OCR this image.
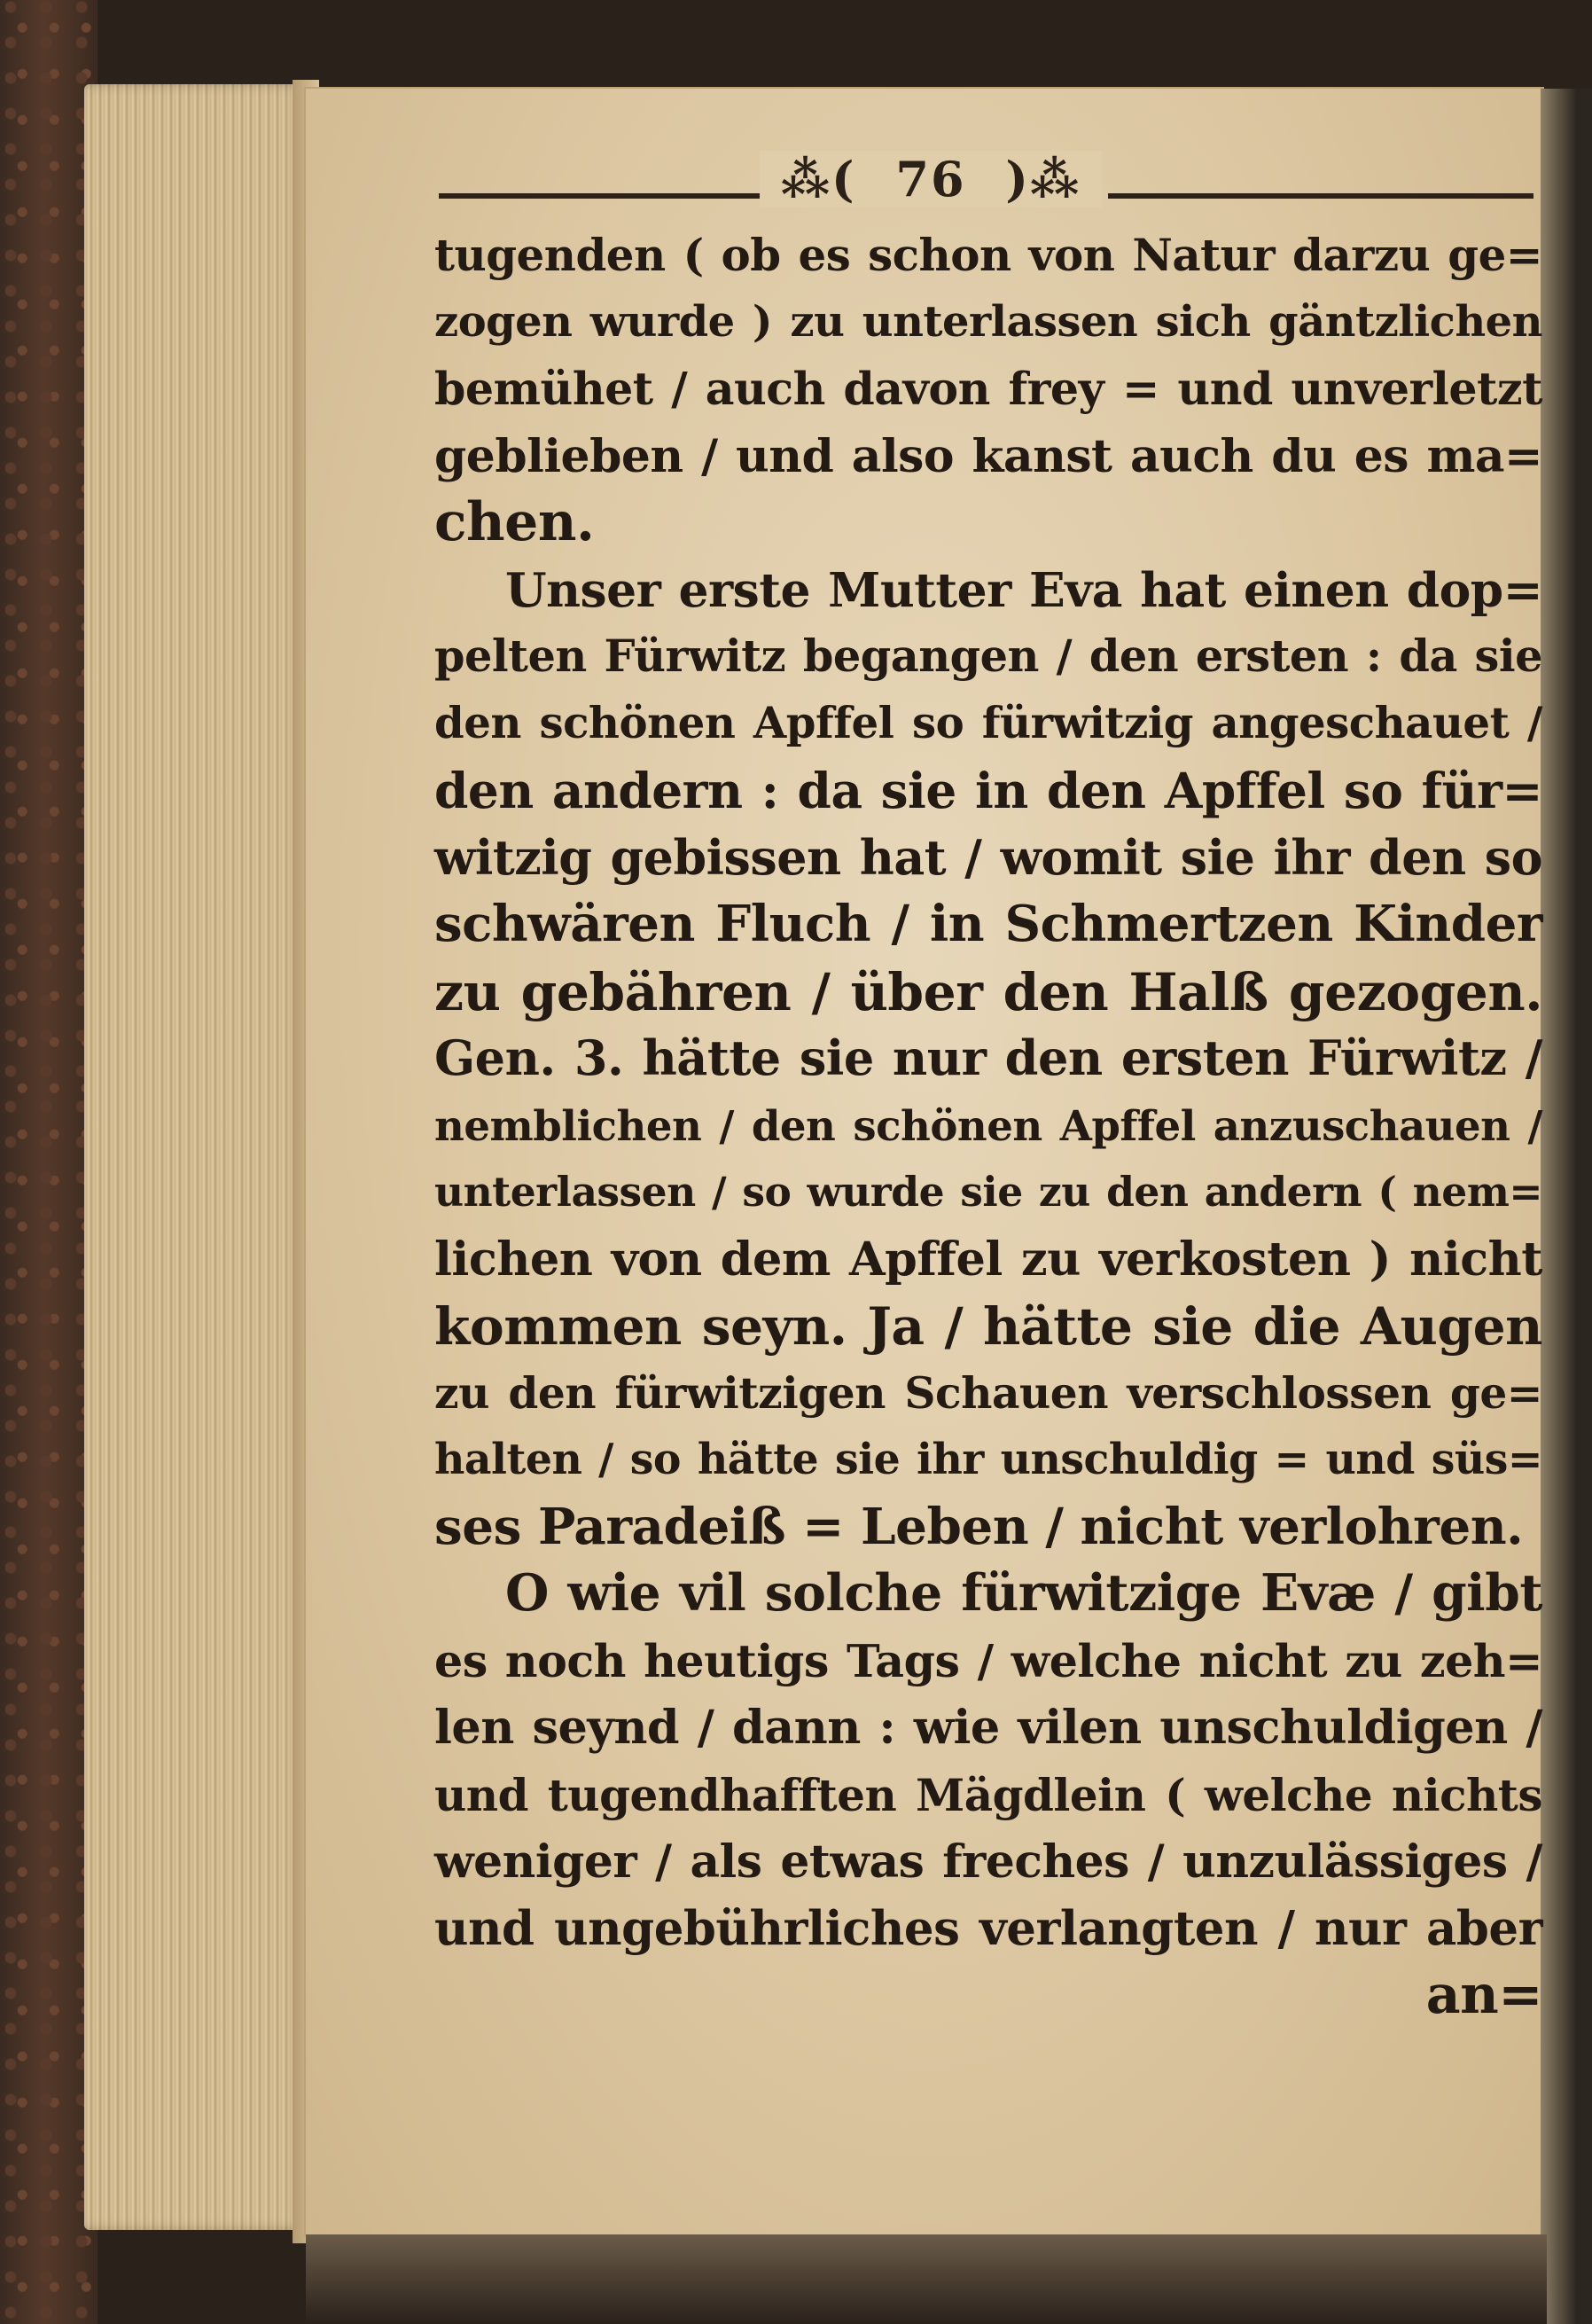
⁂( 76 )⁂
tugenden ( ob es schon von Natur darzu ge=
zogen wurde ) zu unterlassen sich gäntzlichen
bemühet / auch davon frey = und unverletzt
geblieben / und also kanst auch du es ma=
chen.
Unser erste Mutter Eva hat einen dop=
pelten Fürwitz begangen / den ersten : da sie
den schönen Apffel so fürwitzig angeschauet /
den andern : da sie in den Apffel so für=
witzig gebissen hat / womit sie ihr den so
schwären Fluch / in Schmertzen Kinder
zu gebähren / über den Halß gezogen.
Gen. 3. hätte sie nur den ersten Fürwitz /
nemblichen / den schönen Apffel anzuschauen /
unterlassen / so wurde sie zu den andern ( nem=
lichen von dem Apffel zu verkosten ) nicht
kommen seyn. Ja / hätte sie die Augen
zu den fürwitzigen Schauen verschlossen ge=
halten / so hätte sie ihr unschuldig = und süs=
ses Paradeiß = Leben / nicht verlohren.
O wie vil solche fürwitzige Evæ / gibt
es noch heutigs Tags / welche nicht zu zeh=
len seynd / dann : wie vilen unschuldigen /
und tugendhafften Mägdlein ( welche nichts
weniger / als etwas freches / unzulässiges /
und ungebührliches verlangten / nur aber
an=
